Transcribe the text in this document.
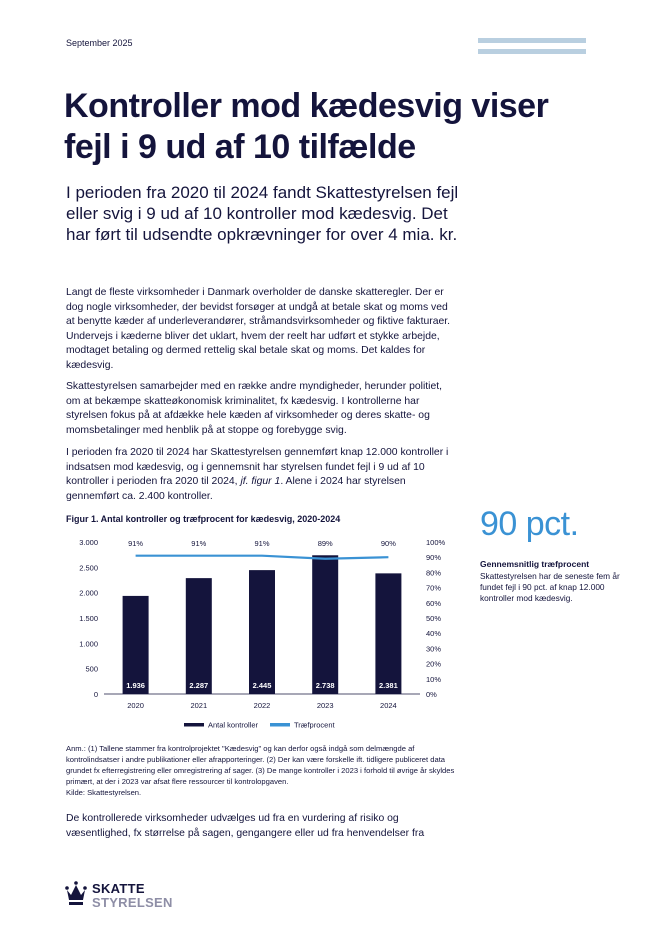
September 2025
Kontroller mod kædesvig viser fejl i 9 ud af 10 tilfælde
I perioden fra 2020 til 2024 fandt Skattestyrelsen fejl eller svig i 9 ud af 10 kontroller mod kædesvig. Det har ført til udsendte opkrævninger for over 4 mia. kr.
Langt de fleste virksomheder i Danmark overholder de danske skatteregler. Der er dog nogle virksomheder, der bevidst forsøger at undgå at betale skat og moms ved at benytte kæder af underleverandører, stråmandsvirksomheder og fiktive fakturaer. Undervejs i kæderne bliver det uklart, hvem der reelt har udført et stykke arbejde, modtaget betaling og dermed rettelig skal betale skat og moms. Det kaldes for kædesvig.
Skattestyrelsen samarbejder med en række andre myndigheder, herunder politiet, om at bekæmpe skatteøkonomisk kriminalitet, fx kædesvig. I kontrollerne har styrelsen fokus på at afdække hele kæden af virksomheder og deres skatte- og momsbetalinger med henblik på at stoppe og forebygge svig.
I perioden fra 2020 til 2024 har Skattestyrelsen gennemført knap 12.000 kontroller i indsatsen mod kædesvig, og i gennemsnit har styrelsen fundet fejl i 9 ud af 10 kontroller i perioden fra 2020 til 2024, jf. figur 1. Alene i 2024 har styrelsen gennemført ca. 2.400 kontroller.
Figur 1. Antal kontroller og træfprocent for kædesvig, 2020-2024
0
500
1.000
1.500
2.000
2.500
3.000
0%
10%
20%
30%
40%
50%
60%
70%
80%
90%
100%
1.936	2.287	2.445	2.738	2.381
2020	2021	2022	2023	2024
91%	91%	91%	89%	90%
Antal kontroller	Træfprocent
Anm.: (1) Tallene stammer fra kontrolprojektet "Kædesvig" og kan derfor også indgå som delmængde af kontrolindsatser i andre publikationer eller afrapporteringer. (2) Der kan være forskelle ift. tidligere publiceret data grundet fx efterregistrering eller omregistrering af sager. (3) De mange kontroller i 2023 i forhold til øvrige år skyldes primært, at der i 2023 var afsat flere ressourcer til kontrolopgaven.
Kilde: Skattestyrelsen.
De kontrollerede virksomheder udvælges ud fra en vurdering af risiko og væsentlighed, fx størrelse på sagen, gengangere eller ud fra henvendelser fra
90 pct.
Gennemsnitlig træfprocent
Skattestyrelsen har de seneste fem år fundet fejl i 90 pct. af knap 12.000 kontroller mod kædesvig.
SKATTE
STYRELSEN
